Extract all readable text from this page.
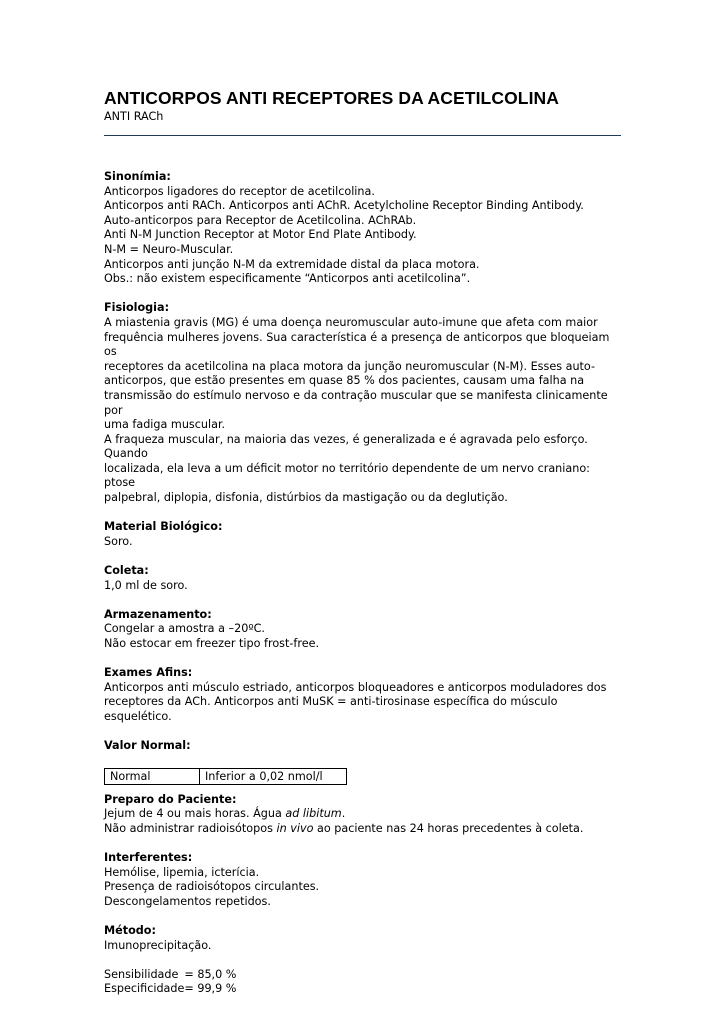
ANTICORPOS ANTI RECEPTORES DA ACETILCOLINA
ANTI RACh
Sinonímia:

Anticorpos ligadores do receptor de acetilcolina.

Anticorpos anti RACh. Anticorpos anti AChR. Acetylcholine Receptor Binding Antibody.

Auto-anticorpos para Receptor de Acetilcolina. AChRAb.

Anti N-M Junction Receptor at Motor End Plate Antibody.

N-M = Neuro-Muscular.

Anticorpos anti junção N-M da extremidade distal da placa motora.

Obs.: não existem especificamente “Anticorpos anti acetilcolina”.

Fisiologia:

A miastenia gravis (MG) é uma doença neuromuscular auto-imune que afeta com maior

frequência mulheres jovens. Sua característica é a presença de anticorpos que bloqueiam os

receptores da acetilcolina na placa motora da junção neuromuscular (N-M). Esses auto-

anticorpos, que estão presentes em quase 85 % dos pacientes, causam uma falha na

transmissão do estímulo nervoso e da contração muscular que se manifesta clinicamente por

uma fadiga muscular.

A fraqueza muscular, na maioria das vezes, é generalizada e é agravada pelo esforço. Quando

localizada, ela leva a um déficit motor no território dependente de um nervo craniano: ptose

palpebral, diplopia, disfonia, distúrbios da mastigação ou da deglutição.

Material Biológico:

Soro.

Coleta:

1,0 ml de soro.

Armazenamento:

Congelar a amostra a –20ºC.

Não estocar em freezer tipo frost-free.

Exames Afins:

Anticorpos anti músculo estriado, anticorpos bloqueadores e anticorpos moduladores dos

receptores da ACh. Anticorpos anti MuSK = anti-tirosinase específica do músculo esquelético.

Valor Normal:
Normal	Inferior a 0,02 nmol/l
Preparo do Paciente:

Jejum de 4 ou mais horas. Água ad libitum.

Não administrar radioisótopos in vivo ao paciente nas 24 horas precedentes à coleta.

Interferentes:

Hemólise, lipemia, icterícia.

Presença de radioisótopos circulantes.

Descongelamentos repetidos.

Método:

Imunoprecipitação.

Sensibilidade	= 85,0 %
Especificidade	= 99,9 %
